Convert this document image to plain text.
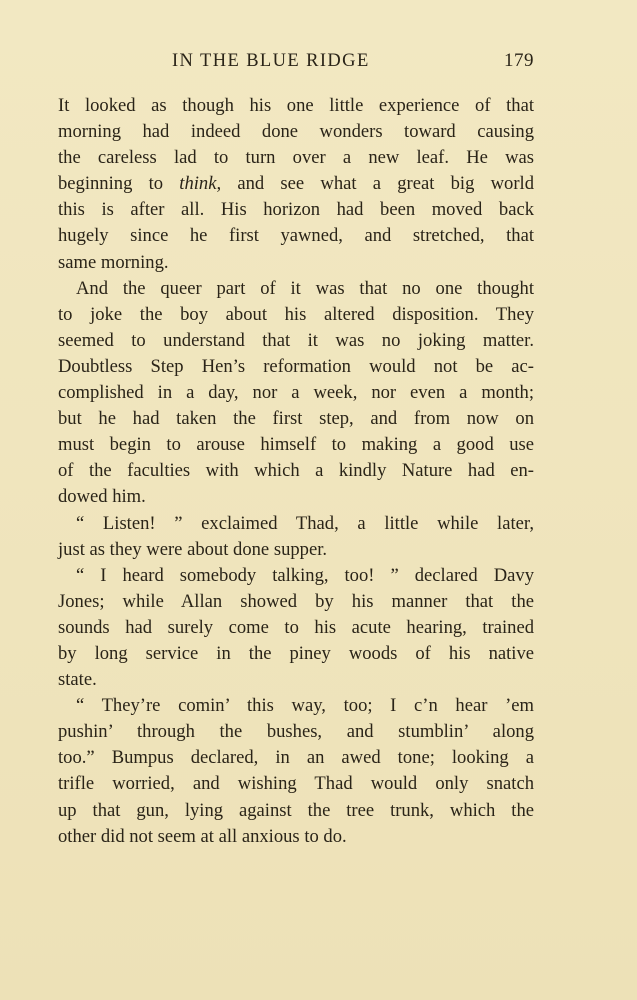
IN THE BLUE RIDGE	179
It looked as though his one little experience of that
morning had indeed done wonders toward causing
the careless lad to turn over a new leaf. He was
beginning to think, and see what a great big world
this is after all. His horizon had been moved back
hugely since he first yawned, and stretched, that
same morning.
And the queer part of it was that no one thought
to joke the boy about his altered disposition. They
seemed to understand that it was no joking matter.
Doubtless Step Hen’s reformation would not be ac-
complished in a day, nor a week, nor even a month;
but he had taken the first step, and from now on
must begin to arouse himself to making a good use
of the faculties with which a kindly Nature had en-
dowed him.
“ Listen! ” exclaimed Thad, a little while later,
just as they were about done supper.
“ I heard somebody talking, too! ” declared Davy
Jones; while Allan showed by his manner that the
sounds had surely come to his acute hearing, trained
by long service in the piney woods of his native
state.
“ They’re comin’ this way, too; I c’n hear ’em
pushin’ through the bushes, and stumblin’ along
too.” Bumpus declared, in an awed tone; looking a
trifle worried, and wishing Thad would only snatch
up that gun, lying against the tree trunk, which the
other did not seem at all anxious to do.
